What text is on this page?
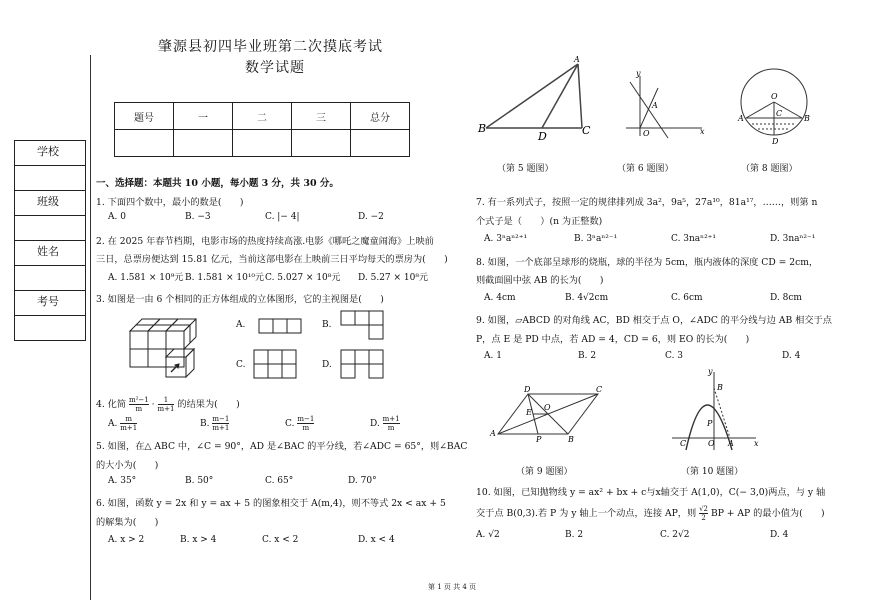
肇源县初四毕业班第二次摸底考试
数学试题
题号	一	二	三	总分

学校
班级
姓名
考号
一、选择题：本题共 10 小题，每小题 3 分，共 30 分。
1. 下面四个数中，最小的数是(　　)
A. 0	B. −3	C. |− 4|	D. −2
2. 在 2025 年春节档期，电影市场的热度持续高涨.电影《哪吒之魔童闹海》上映前
三日，总票房便达到 15.81 亿元，当前这部电影在上映前三日平均每天的票房为(　　)
A. 1.581 × 10⁹元 B. 1.581 × 10¹⁰元 C. 5.027 × 10⁸元 D. 5.27 × 10⁸元
3. 如图是一由 6 个相同的正方体组成的立体图形，它的主视图是(　　)
A.	B.
C.	D.
4. 化简 $\frac{\text{m²−1}}{m} \cdot \frac{1}{m+1}$ 的结果为(　　)
A. $\frac{m}{m+1}$	B. $\frac{m-1}{m+1}$	C. $\frac{m-1}{m}$	D. $\frac{m+1}{m}$
5. 如图，在△ ABC 中，∠C = 90°，AD 是∠BAC 的平分线，若∠ADC = 65°，则∠BAC
的大小为(　　)
A. 35°	B. 50°	C. 65°	D. 70°
6. 如图，函数 y = 2x 和 y = ax + 5 的图象相交于 A(m,4)，则不等式 2x < ax + 5
的解集为(　　)
A. x > 2	B. x > 4	C. x < 2	D. x < 4
A
B
D	C
（第 5 题图）
y
A
O	x
（第 6 题图）
O
A
C
B
D
（第 8 题图）
7. 有一系列式子，按照一定的规律排列成 3a²，9a⁵，27a¹⁰，81a¹⁷，……，则第 n
个式子是（　　）(n 为正整数)
A. 3ⁿaⁿ²⁺¹	B. 3ⁿaⁿ²⁻¹	C. 3naⁿ²⁺¹	D. 3naⁿ²⁻¹
8. 如图，一个底部呈球形的烧瓶，球的半径为 5cm，瓶内液体的深度 CD = 2cm，
则截面圆中弦 AB 的长为(　　)
A. 4cm	B. 4√2cm	C. 6cm	D. 8cm
9. 如图，▱ABCD 的对角线 AC，BD 相交于点 O，∠ADC 的平分线与边 AB 相交于点
P，点 E 是 PD 中点，若 AD = 4，CD = 6，则 EO 的长为(　　)
A. 1	B. 2	C. 3	D. 4
D	C
E
O
A
P	B
（第 9 题图）
y
B
P
C	O A	x
（第 10 题图）
10. 如图，已知抛物线 y = ax² + bx + c与x轴交于 A(1,0)，C(− 3,0)两点，与 y 轴
交于点 B(0,3).若 P 为 y 轴上一个动点，连接 AP，则 $\frac{√2}{2}$ BP + AP 的最小值为(　　)
A. √2	B. 2	C. 2√2	D. 4
第 1 页 共 4 页
